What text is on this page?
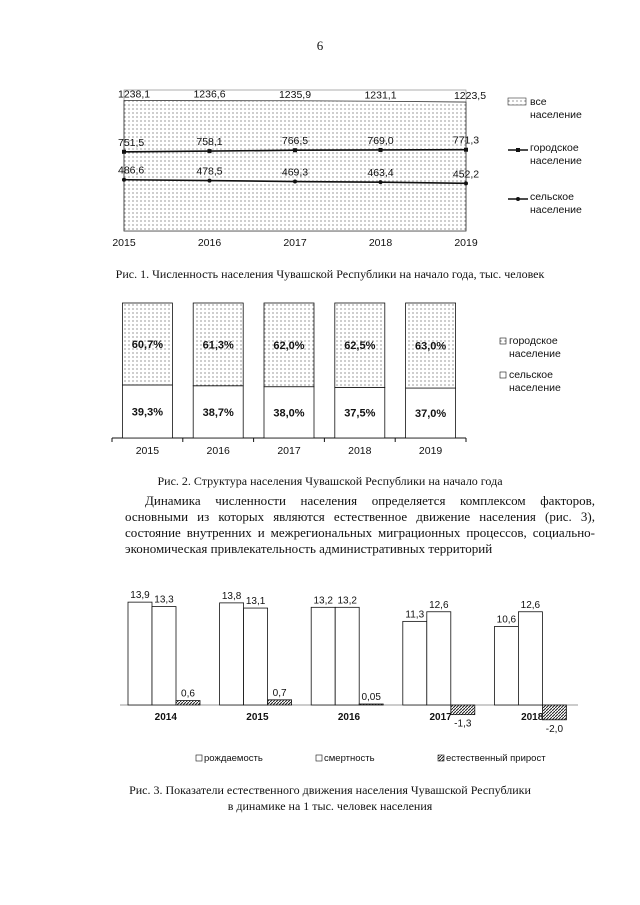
6
1238,1	1236,6	1235,9	1231,1	1223,5
751,5	758,1	766,5	769,0	771,3
486,6	478,5	469,3	463,4	452,2
2015	2016	2017	2018	2019
все
население
городское
население
сельское
население
60,7%
39,3%
2015
61,3%
38,7%
2016
62,0%
38,0%
2017
62,5%
37,5%
2018
63,0%
37,0%
2019
городское
население
сельское
население
13,9 13,3
0,6
2014
13,8 13,1
0,7
2015
13,2 13,2
0,05
2016
11,3
12,6
-1,3
2017
10,6
12,6
-2,0
2018
рождаемость	смертность	естественный прирост
Рис. 1. Численность населения Чувашской Республики на начало года, тыс. человек
Рис. 2. Структура населения Чувашской Республики на начало года
Динамика численности населения определяется комплексом факторов, основными из которых являются естественное движение населения (рис. 3), состояние внутренних и межрегиональных миграционных процессов, социально-экономическая привлекательность административных территорий
Рис. 3. Показатели естественного движения населения Чувашской Республики
в динамике на 1 тыс. человек населения
